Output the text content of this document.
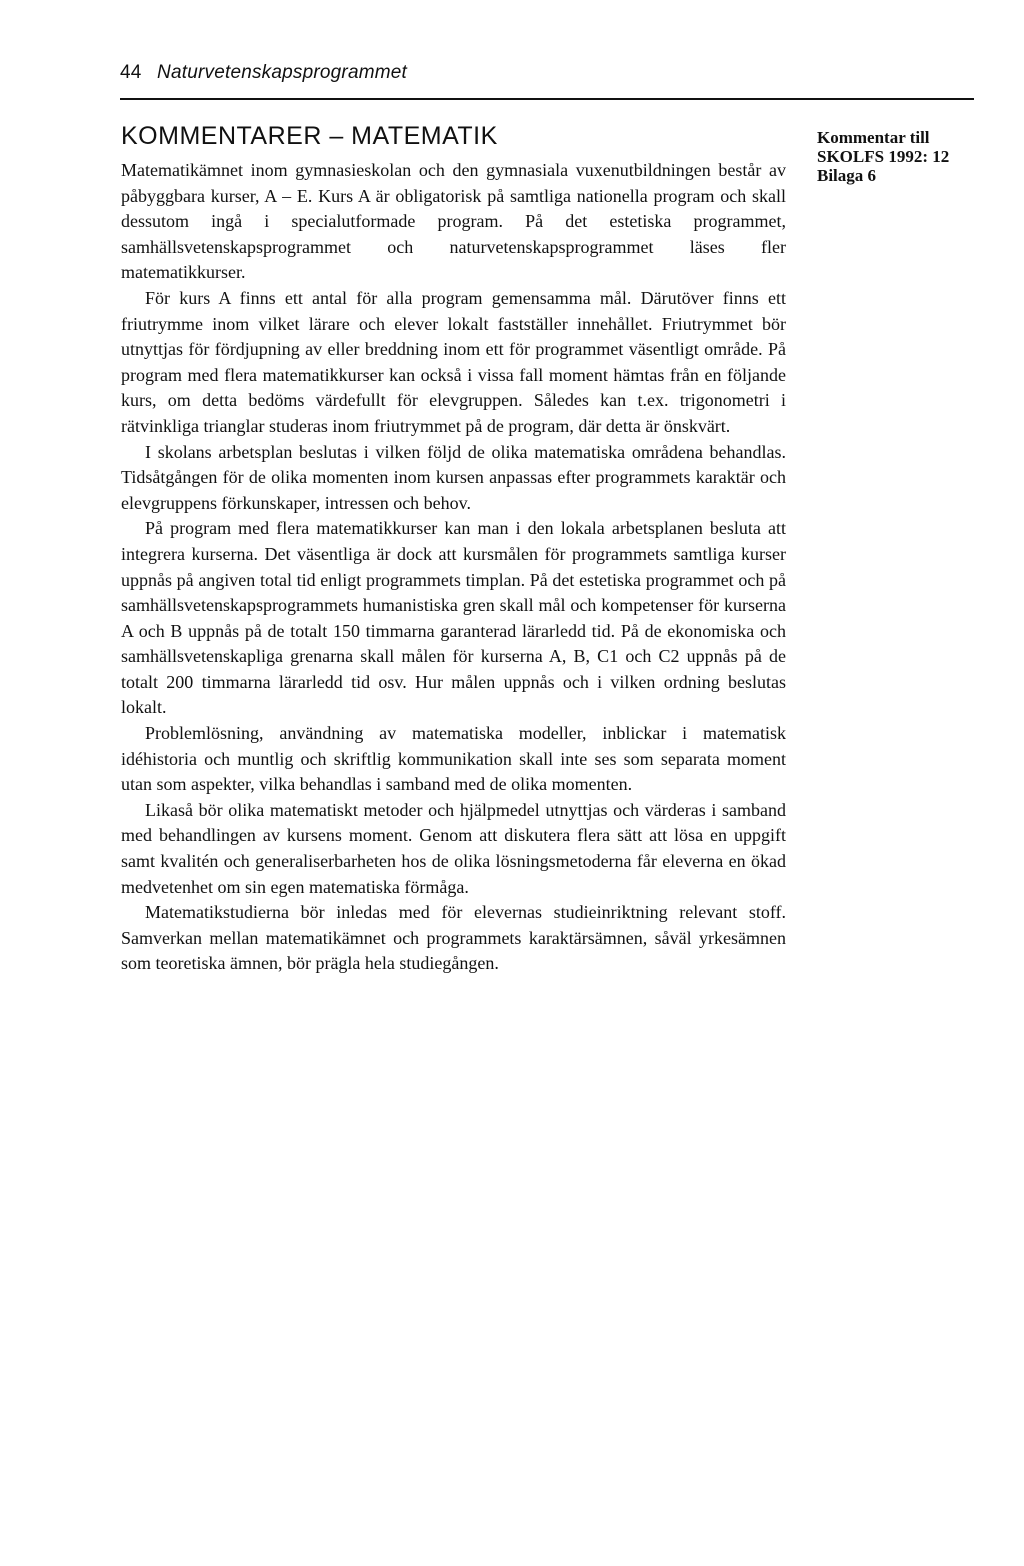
44 Naturvetenskapsprogrammet
KOMMENTARER – MATEMATIK	Kommentar till
SKOLFS 1992: 12
Bilaga 6

Matematikämnet inom gymnasieskolan och den gymnasiala vuxenutbildningen består av påbyggbara kurser, A – E. Kurs A är obligatorisk på samtliga nationella program och skall dessutom ingå i specialutformade program. På det estetiska programmet, samhällsvetenskapsprogrammet och naturvetenskapsprogrammet läses fler matematikkurser.

För kurs A finns ett antal för alla program gemensamma mål. Därutöver finns ett friutrymme inom vilket lärare och elever lokalt fastställer innehållet. Friutrymmet bör utnyttjas för fördjupning av eller breddning inom ett för programmet väsentligt område. På program med flera matematikkurser kan också i vissa fall moment hämtas från en följande kurs, om detta bedöms värdefullt för elevgruppen. Således kan t.ex. trigonometri i rätvinkliga trianglar studeras inom friutrymmet på de program, där detta är önskvärt.

I skolans arbetsplan beslutas i vilken följd de olika matematiska områdena behandlas. Tidsåtgången för de olika momenten inom kursen anpassas efter programmets karaktär och elevgruppens förkunskaper, intressen och behov.

På program med flera matematikkurser kan man i den lokala arbetsplanen besluta att integrera kurserna. Det väsentliga är dock att kursmålen för programmets samtliga kurser uppnås på angiven total tid enligt programmets timplan. På det estetiska programmet och på samhällsvetenskapsprogrammets humanistiska gren skall mål och kompetenser för kurserna A och B uppnås på de totalt 150 timmarna garanterad lärarledd tid. På de ekonomiska och samhällsvetenskapliga grenarna skall målen för kurserna A, B, C1 och C2 uppnås på de totalt 200 timmarna lärarledd tid osv. Hur målen uppnås och i vilken ordning beslutas lokalt.

Problemlösning, användning av matematiska modeller, inblickar i matematisk idéhistoria och muntlig och skriftlig kommunikation skall inte ses som separata moment utan som aspekter, vilka behandlas i samband med de olika momenten.

Likaså bör olika matematiskt metoder och hjälpmedel utnyttjas och värderas i samband med behandlingen av kursens moment. Genom att diskutera flera sätt att lösa en uppgift samt kvalitén och generaliserbarheten hos de olika lösningsmetoderna får eleverna en ökad medvetenhet om sin egen matematiska förmåga.

Matematikstudierna bör inledas med för elevernas studieinriktning relevant stoff. Samverkan mellan matematikämnet och programmets karaktärsämnen, såväl yrkesämnen som teoretiska ämnen, bör prägla hela studiegången.
